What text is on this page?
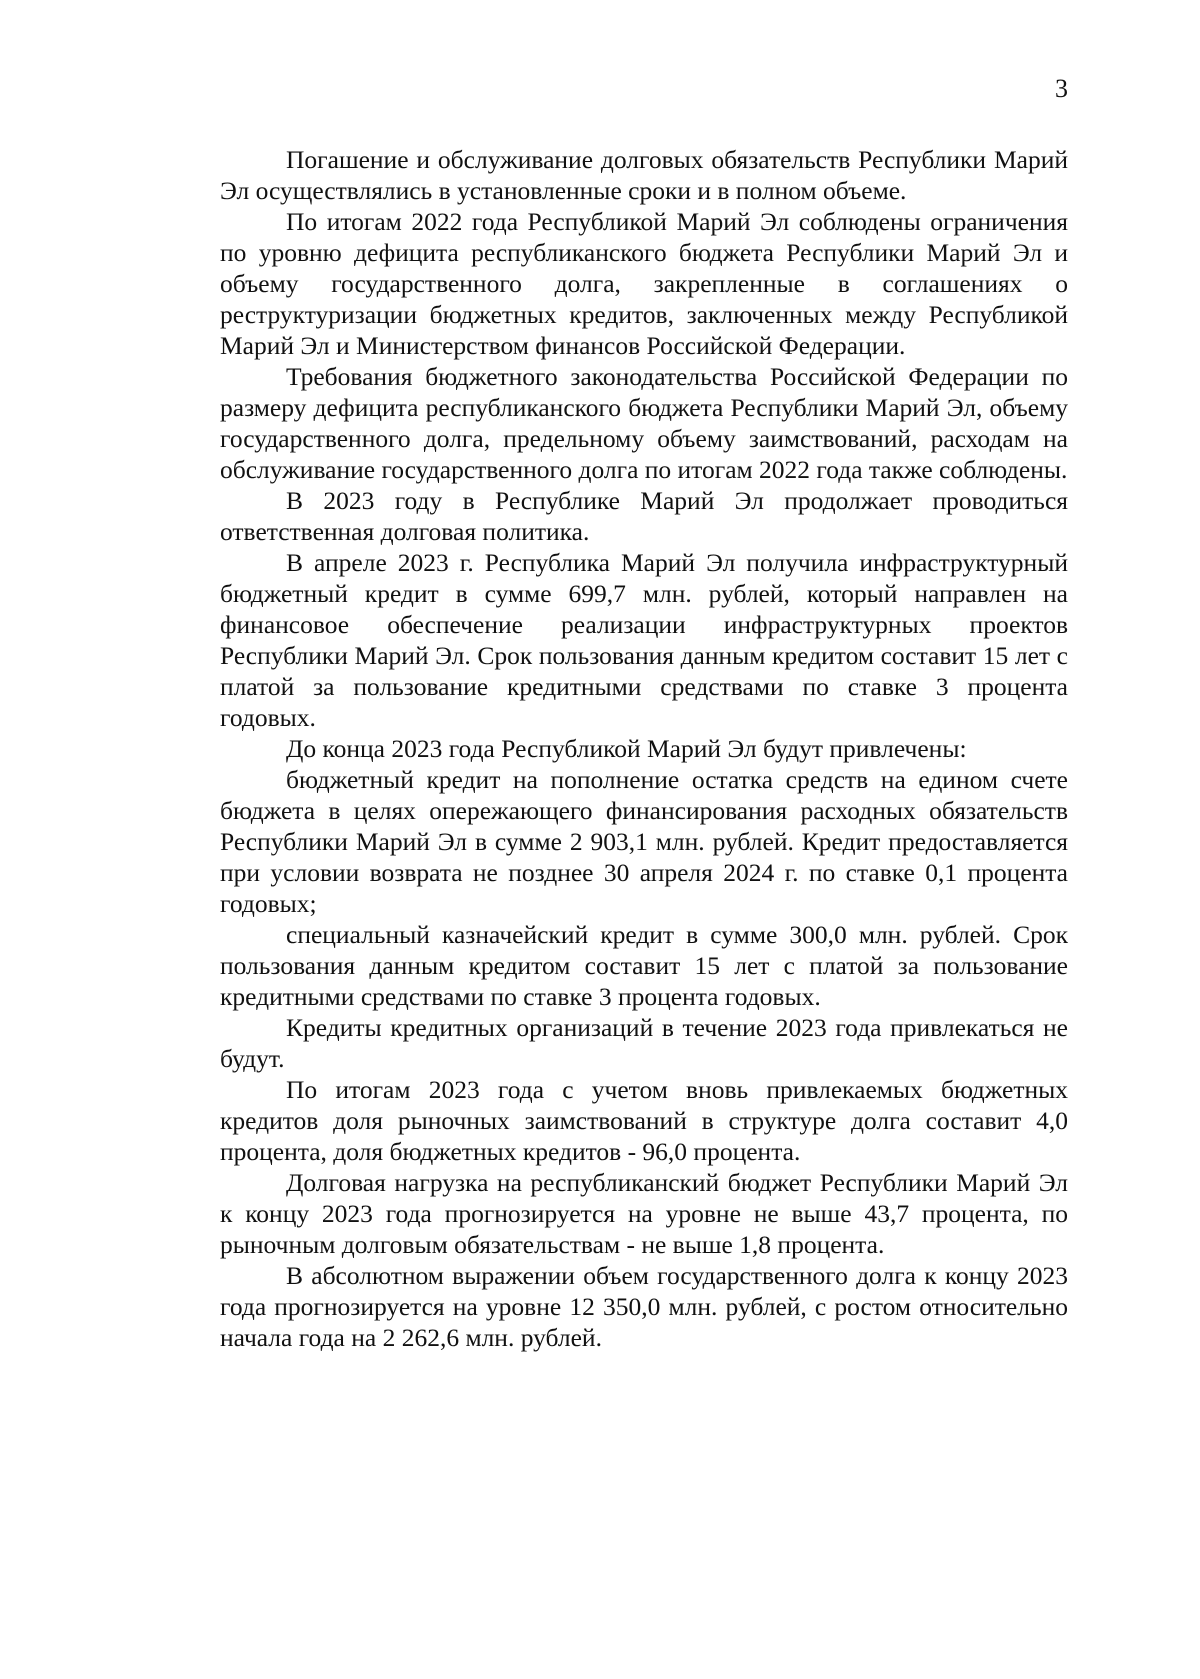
3

Погашение и обслуживание долговых обязательств Республики Марий Эл осуществлялись в установленные сроки и в полном объеме.

По итогам 2022 года Республикой Марий Эл соблюдены ограничения по уровню дефицита республиканского бюджета Республики Марий Эл и объему государственного долга, закрепленные в соглашениях о реструктуризации бюджетных кредитов, заключенных между Республикой Марий Эл и Министерством финансов Российской Федерации.

Требования бюджетного законодательства Российской Федерации по размеру дефицита республиканского бюджета Республики Марий Эл, объему государственного долга, предельному объему заимствований, расходам на обслуживание государственного долга по итогам 2022 года также соблюдены.

В 2023 году в Республике Марий Эл продолжает проводиться ответственная долговая политика.

В апреле 2023 г. Республика Марий Эл получила инфраструктурный бюджетный кредит в сумме 699,7 млн. рублей, который направлен на финансовое обеспечение реализации инфраструктурных проектов Республики Марий Эл. Срок пользования данным кредитом составит 15 лет с платой за пользование кредитными средствами по ставке 3 процента годовых.

До конца 2023 года Республикой Марий Эл будут привлечены:

бюджетный кредит на пополнение остатка средств на едином счете бюджета в целях опережающего финансирования расходных обязательств Республики Марий Эл в сумме 2 903,1 млн. рублей. Кредит предоставляется при условии возврата не позднее 30 апреля 2024 г. по ставке 0,1 процента годовых;

специальный казначейский кредит в сумме 300,0 млн. рублей. Срок пользования данным кредитом составит 15 лет с платой за пользование кредитными средствами по ставке 3 процента годовых.

Кредиты кредитных организаций в течение 2023 года привлекаться не будут.

По итогам 2023 года с учетом вновь привлекаемых бюджетных кредитов доля рыночных заимствований в структуре долга составит 4,0 процента, доля бюджетных кредитов - 96,0 процента.

Долговая нагрузка на республиканский бюджет Республики Марий Эл к концу 2023 года прогнозируется на уровне не выше 43,7 процента, по рыночным долговым обязательствам - не выше 1,8 процента.

В абсолютном выражении объем государственного долга к концу 2023 года прогнозируется на уровне 12 350,0 млн. рублей, с ростом относительно начала года на 2 262,6 млн. рублей.
